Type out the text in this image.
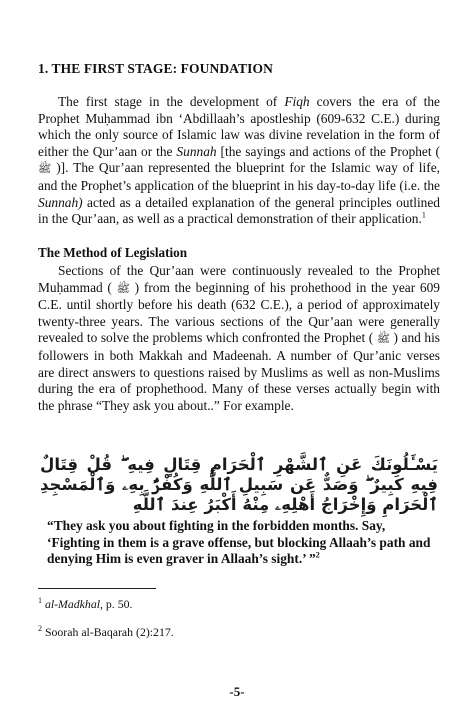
1. THE FIRST STAGE: FOUNDATION

The first stage in the development of Fiqh covers the era of the Prophet Muḥammad ibn ‘Abdillaah’s apostleship (609-632 C.E.) during which the only source of Islamic law was divine revelation in the form of either the Qur’aan or the Sunnah [the sayings and actions of the Prophet ( ﷺ )]. The Qur’aan represented the blueprint for the Islamic way of life, and the Prophet’s application of the blueprint in his day-to-day life (i.e. the Sunnah) acted as a detailed explanation of the general principles outlined in the Qur’aan, as well as a practical demonstration of their application.$^1$

The Method of Legislation

Sections of the Qur’aan were continuously revealed to the Prophet Muḥammad ( ﷺ ) from the beginning of his prohethood in the year 609 C.E. until shortly before his death (632 C.E.), a period of approximately twenty-three years. The various sections of the Qur’aan were generally revealed to solve the problems which confronted the Prophet ( ﷺ ) and his followers in both Makkah and Madeenah. A number of Qur’anic verses are direct answers to questions raised by Muslims as well as non-Muslims during the era of prophethood. Many of these verses actually begin with the phrase “They ask you about..” For example.

يَسْـَٔلُونَكَ عَنِ ٱلشَّهْرِ ٱلْحَرَامِ قِتَالٍ فِيهِ ۖ قُلْ قِتَالٌ فِيهِ كَبِيرٌ ۖ وَصَدٌّ عَن سَبِيلِ ٱللَّهِ وَكُفْرٌۢ بِهِۦ وَٱلْمَسْجِدِ ٱلْحَرَامِ وَإِخْرَاجُ أَهْلِهِۦ مِنْهُ أَكْبَرُ عِندَ ٱللَّهِ

“They ask you about fighting in the forbidden months. Say, ‘Fighting in them is a grave offense, but blocking Allaah’s path and denying Him is even graver in Allaah’s sight.’ ”$^2$

$^1$ al-Madkhal, p. 50.
$^2$ Soorah al-Baqarah (2):217.
-5-
